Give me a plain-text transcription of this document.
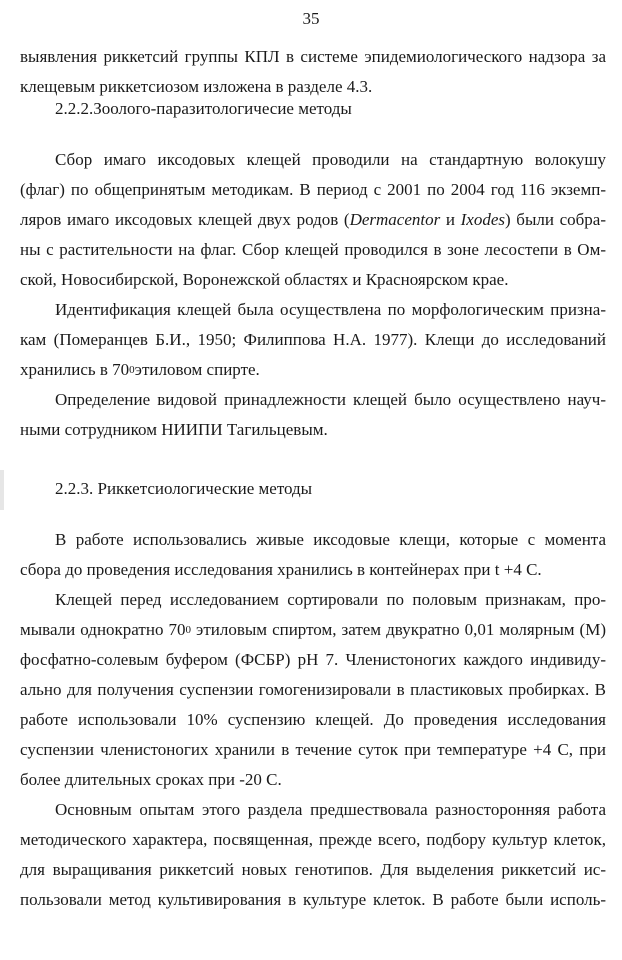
35
выявления риккетсий группы КПЛ в системе эпидемиологического надзора за
клещевым риккетсиозом изложена в разделе 4.3.
2.2.2.Зоолого-паразитологичесие методы
Сбор имаго иксодовых клещей проводили на стандартную волокушу
(флаг) по общепринятым методикам. В период с 2001 по 2004 год 116 экземп-
ляров имаго иксодовых клещей двух родов (Dermacentor и Ixodes) были собра-
ны с растительности на флаг. Сбор клещей проводился в зоне лесостепи в Ом-
ской, Новосибирской, Воронежской областях и Красноярском крае.
Идентификация клещей была осуществлена по морфологическим призна-
кам (Померанцев Б.И., 1950; Филиппова Н.А. 1977). Клещи до исследований
хранились в $70^0этиловом$ спирте.
Определение видовой принадлежности клещей было осуществлено науч-
ными сотрудником НИИПИ Тагильцевым.
2.2.3. Риккетсиологические методы
В работе использовались живые иксодовые клещи, которые с момента
сбора до проведения исследования хранились в контейнерах при t +4 С.
Клещей перед исследованием сортировали по половым признакам, про-
мывали однократно $70^0$ этиловым спиртом, затем двукратно 0,01 молярным (М)
фосфатно-солевым буфером (ФСБР) рН 7. Членистоногих каждого индивиду-
ально для получения суспензии гомогенизировали в пластиковых пробирках. В
работе использовали 10% суспензию клещей. До проведения исследования
суспензии членистоногих хранили в течение суток при температуре +4 С, при
более длительных сроках при -20 С.
Основным опытам этого раздела предшествовала разносторонняя работа
методического характера, посвященная, прежде всего, подбору культур клеток,
для выращивания риккетсий новых генотипов. Для выделения риккетсий ис-
пользовали метод культивирования в культуре клеток. В работе были исполь-
